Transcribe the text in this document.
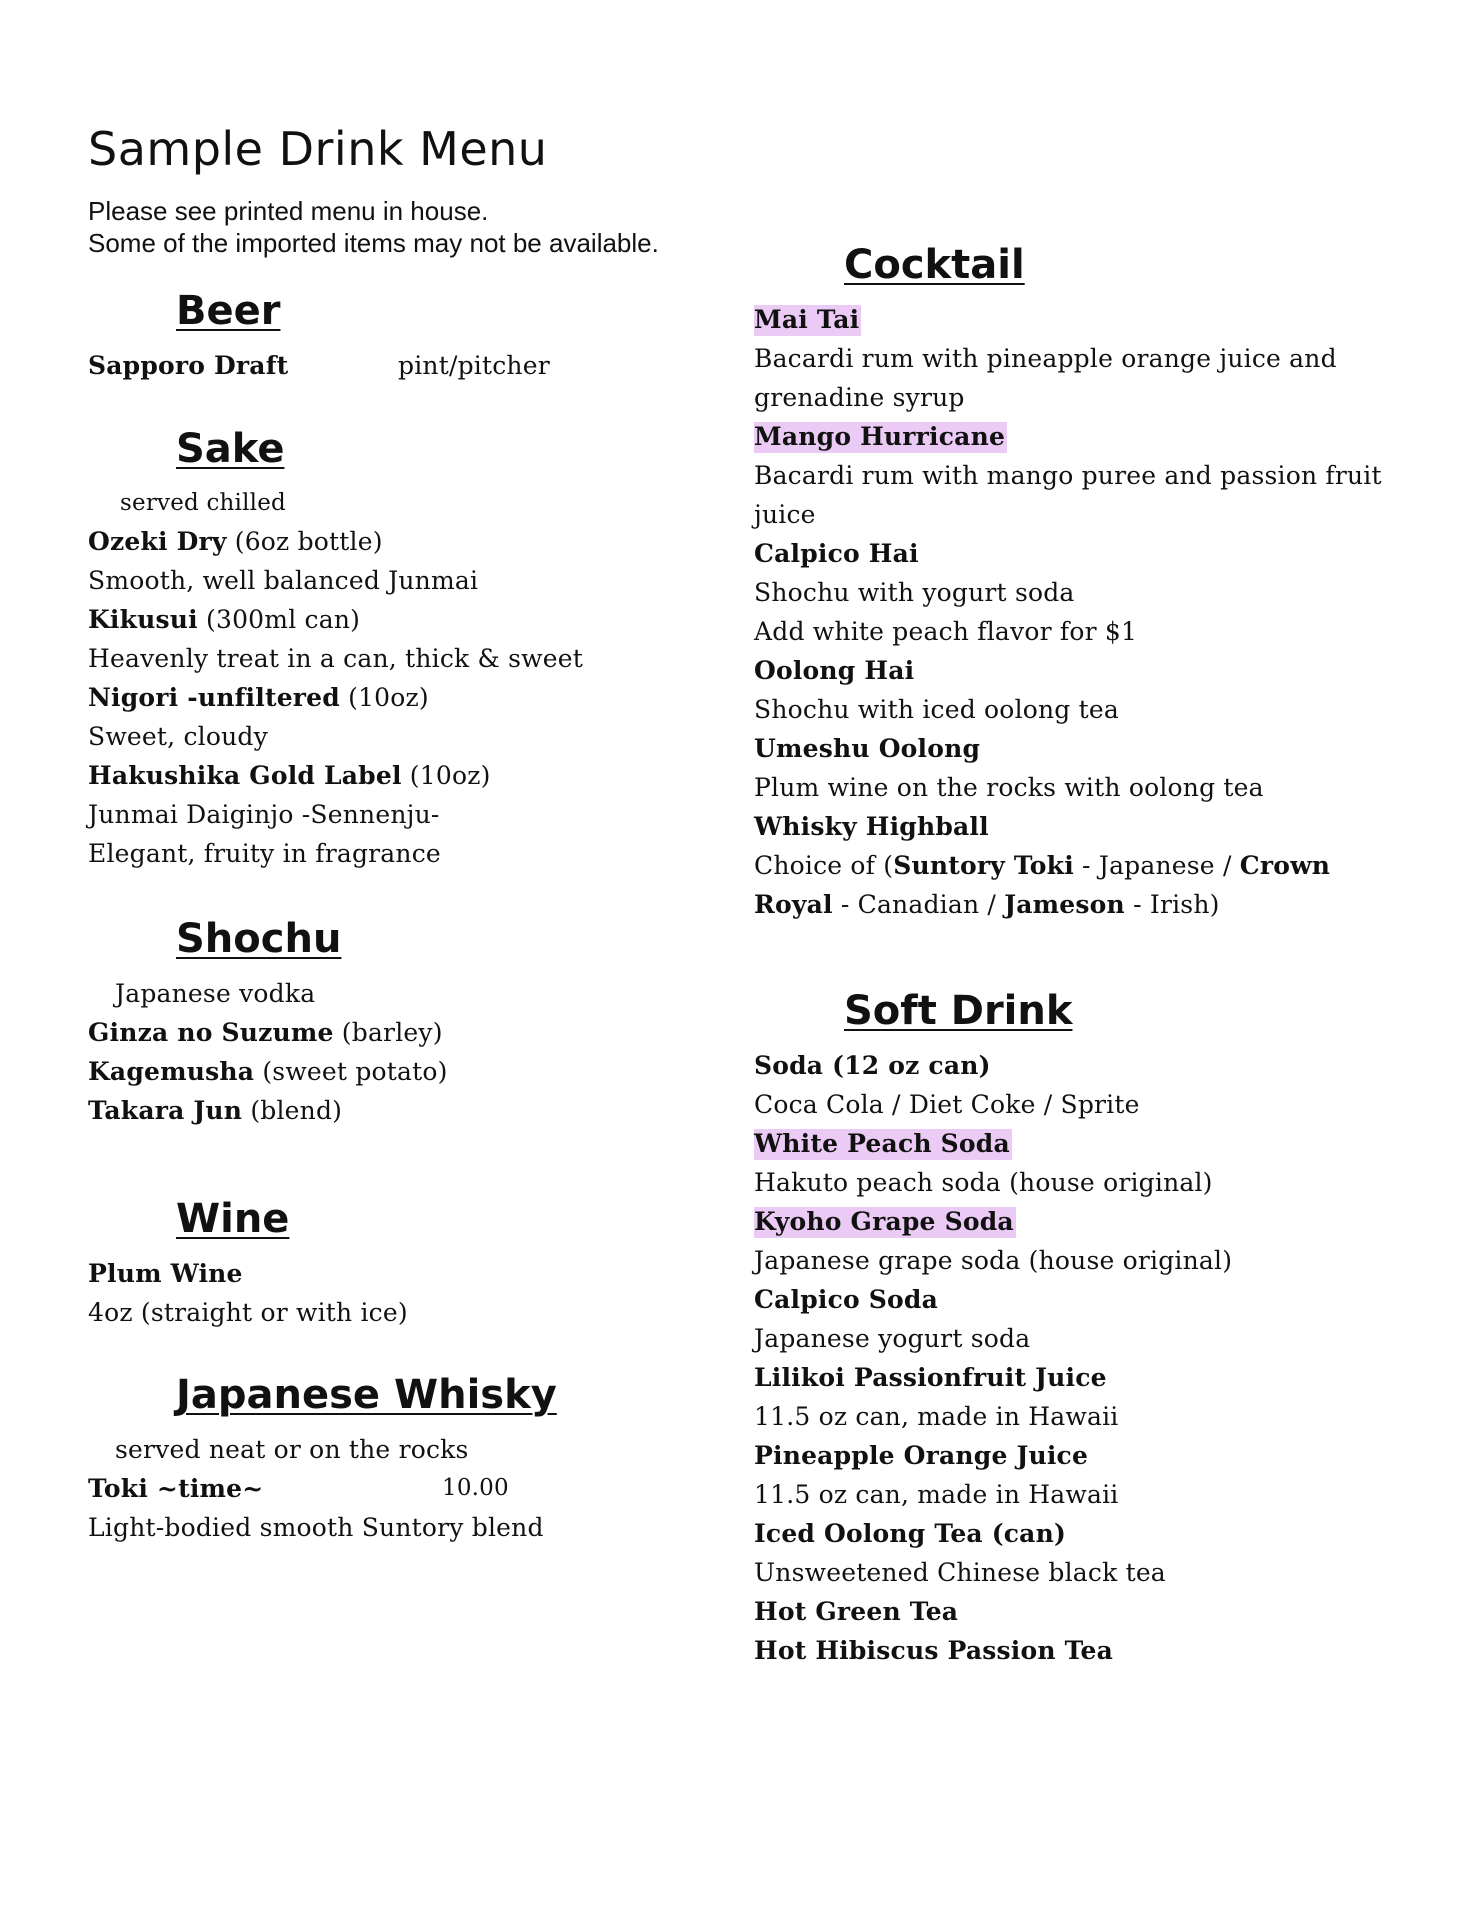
Sample Drink Menu
Please see printed menu in house.
Some of the imported items may not be available.
Beer
Sapporo Draft	pint/pitcher
Sake
served chilled
Ozeki Dry (6oz bottle)
Smooth, well balanced Junmai
Kikusui (300ml can)
Heavenly treat in a can, thick & sweet
Nigori -unfiltered (10oz)
Sweet, cloudy
Hakushika Gold Label (10oz)
Junmai Daiginjo -Sennenju-
Elegant, fruity in fragrance
Shochu
Japanese vodka
Ginza no Suzume (barley)
Kagemusha (sweet potato)
Takara Jun (blend)
Wine
Plum Wine
4oz (straight or with ice)
Japanese Whisky
served neat or on the rocks
Toki ~time~	10.00
Light-bodied smooth Suntory blend
Cocktail
Mai Tai
Bacardi rum with pineapple orange juice and
grenadine syrup
Mango Hurricane
Bacardi rum with mango puree and passion fruit
juice
Calpico Hai
Shochu with yogurt soda
Add white peach flavor for $1
Oolong Hai
Shochu with iced oolong tea
Umeshu Oolong
Plum wine on the rocks with oolong tea
Whisky Highball
Choice of (Suntory Toki - Japanese / Crown
Royal - Canadian / Jameson - Irish)
Soft Drink
Soda (12 oz can)
Coca Cola / Diet Coke / Sprite
White Peach Soda
Hakuto peach soda (house original)
Kyoho Grape Soda
Japanese grape soda (house original)
Calpico Soda
Japanese yogurt soda
Lilikoi Passionfruit Juice
11.5 oz can, made in Hawaii
Pineapple Orange Juice
11.5 oz can, made in Hawaii
Iced Oolong Tea (can)
Unsweetened Chinese black tea
Hot Green Tea
Hot Hibiscus Passion Tea
